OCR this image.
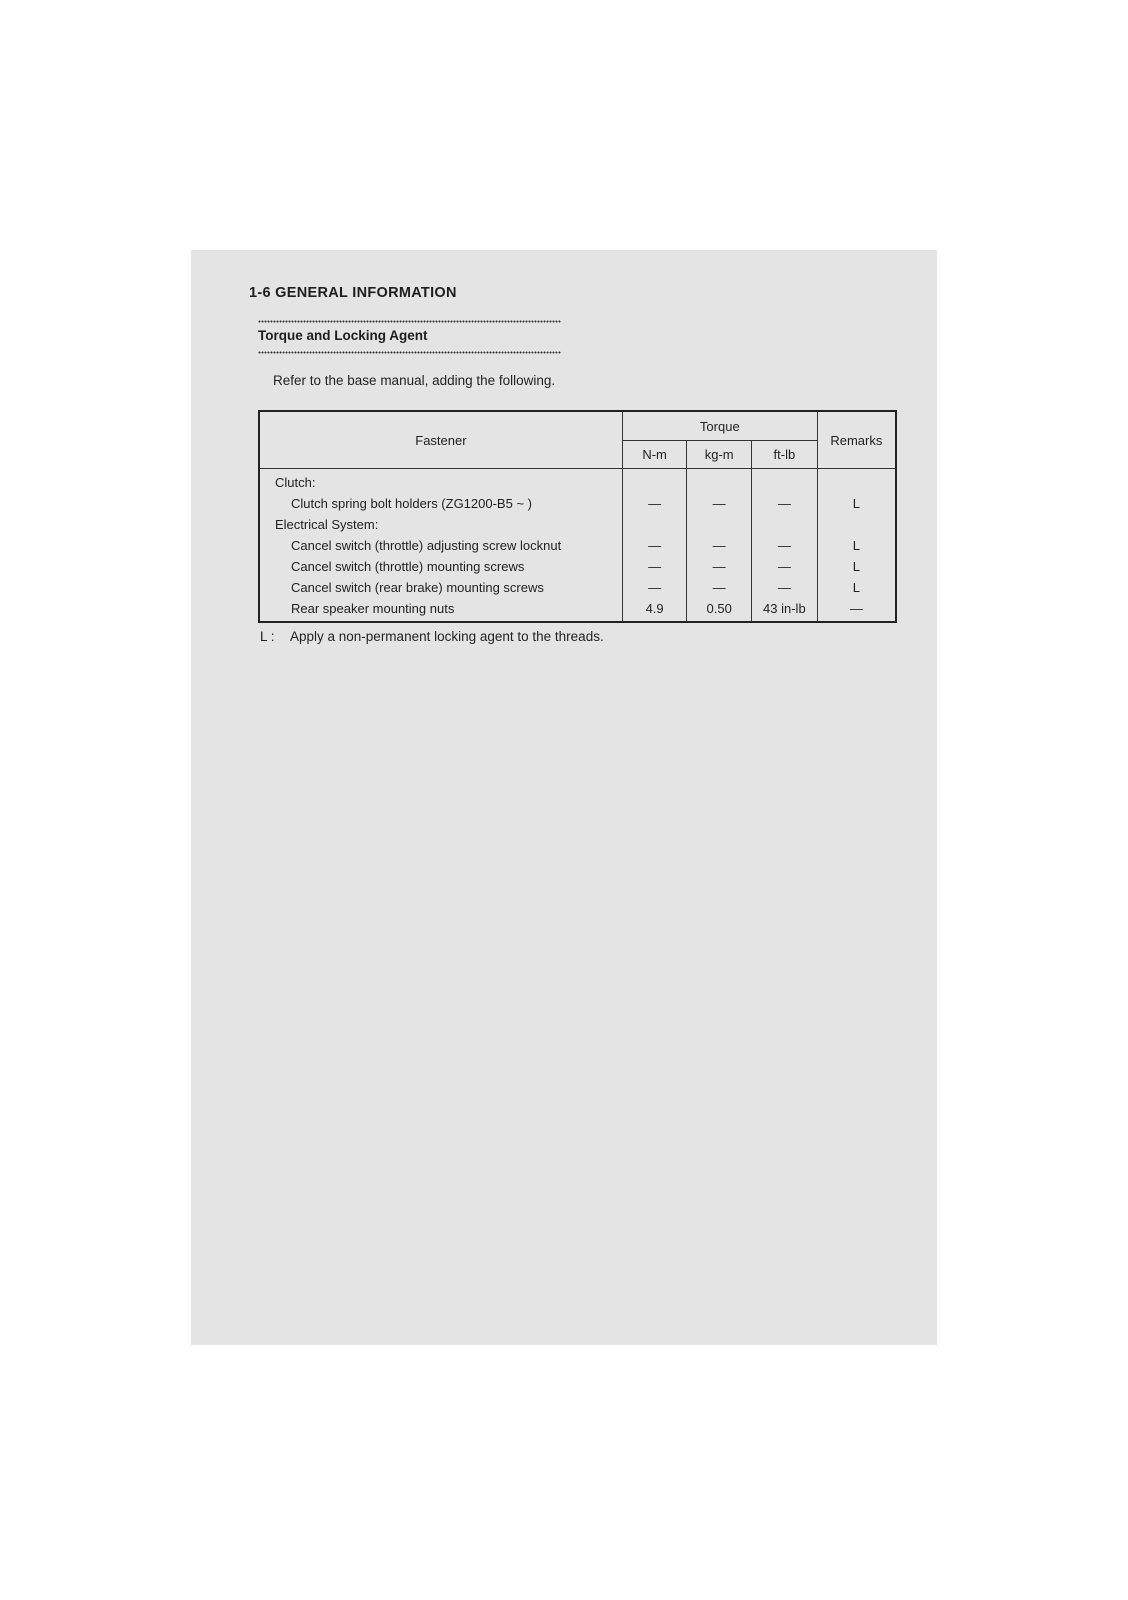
1-6 GENERAL INFORMATION
Torque and Locking Agent
Refer to the base manual, adding the following.
Fastener	Torque			Remarks
	N-m	kg-m	ft-lb	
Clutch:				
Clutch spring bolt holders (ZG1200-B5 ~ )	—	—	—	L
Electrical System:				
Cancel switch (throttle) adjusting screw locknut	—	—	—	L
Cancel switch (throttle) mounting screws	—	—	—	L
Cancel switch (rear brake) mounting screws	—	—	—	L
Rear speaker mounting nuts	4.9	0.50	43 in-lb	—
L : Apply a non-permanent locking agent to the threads.
